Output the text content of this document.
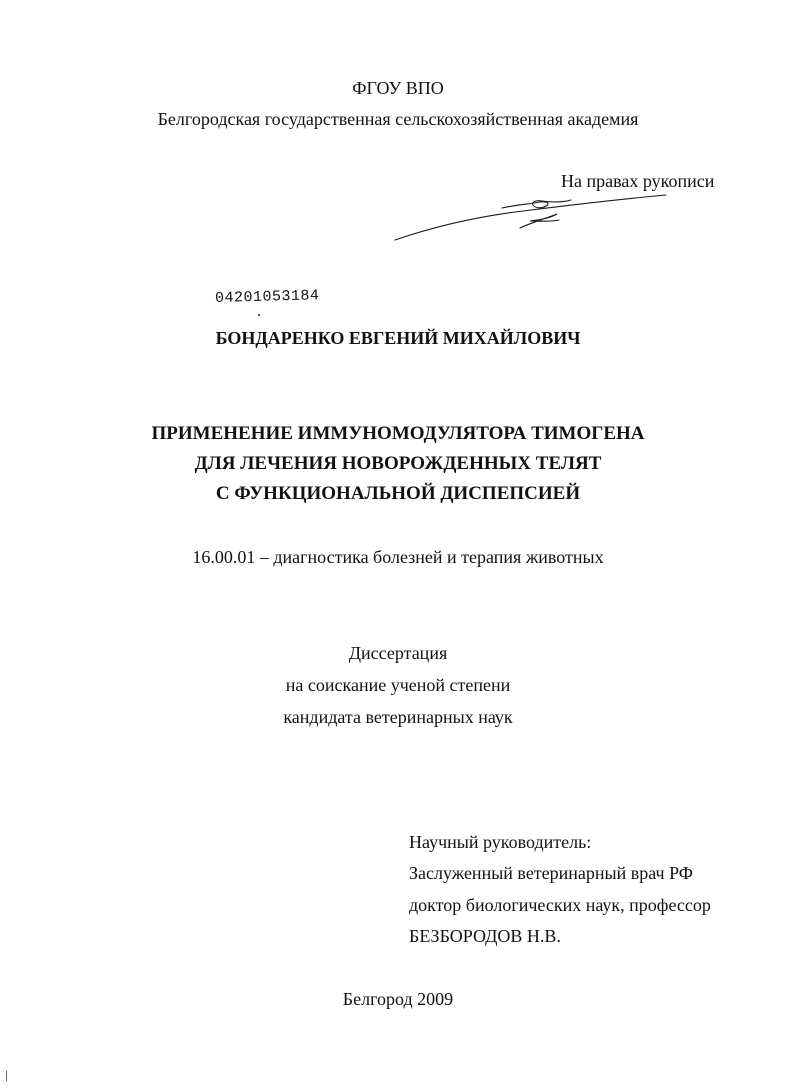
ФГОУ ВПО
Белгородская государственная сельскохозяйственная академия
На правах рукописи
04201053184
БОНДАРЕНКО ЕВГЕНИЙ МИХАЙЛОВИЧ
ПРИМЕНЕНИЕ ИММУНОМОДУЛЯТОРА ТИМОГЕНА
ДЛЯ ЛЕЧЕНИЯ НОВОРОЖДЕННЫХ ТЕЛЯТ
С ФУНКЦИОНАЛЬНОЙ ДИСПЕПСИЕЙ
16.00.01 – диагностика болезней и терапия животных
Диссертация
на соискание ученой степени
кандидата ветеринарных наук
Научный руководитель:
Заслуженный ветеринарный врач РФ
доктор биологических наук, профессор
БЕЗБОРОДОВ Н.В.
Белгород 2009
